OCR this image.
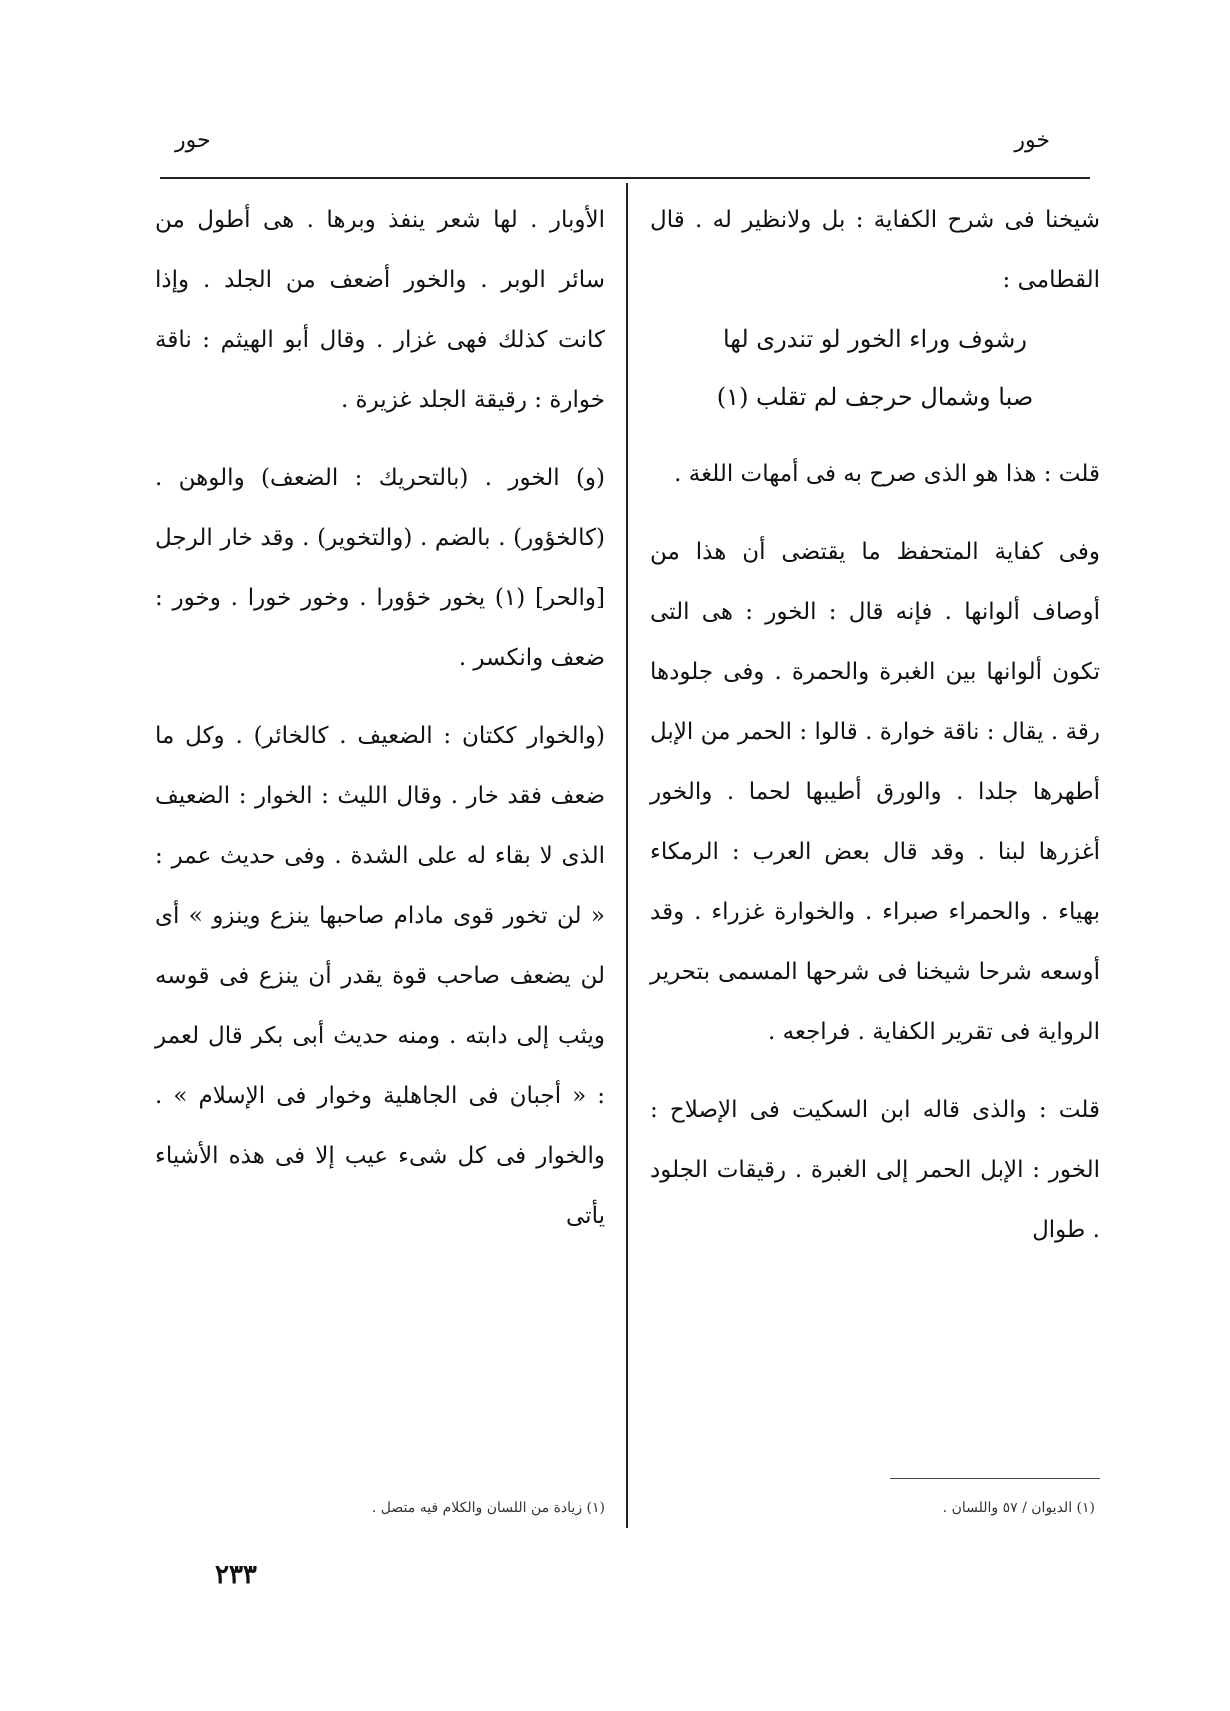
خور
حور

شيخنا فى شرح الكفاية : بل ولانظير له . قال القطامى :

رشوف وراء الخور لو تندرى لها

صبا وشمال حرجف لم تقلب (١)

قلت : هذا هو الذى صرح به فى أمهات اللغة .

وفى كفاية المتحفظ ما يقتضى أن هذا من أوصاف ألوانها . فإنه قال : الخور : هى التى تكون ألوانها بين الغبرة والحمرة . وفى جلودها رقة . يقال : ناقة خوارة . قالوا : الحمر من الإبل أطهرها جلدا . والورق أطيبها لحما . والخور أغزرها لبنا . وقد قال بعض العرب : الرمكاء بهياء . والحمراء صبراء . والخوارة غزراء . وقد أوسعه شرحا شيخنا فى شرحها المسمى بتحرير الرواية فى تقرير الكفاية . فراجعه .

قلت : والذى قاله ابن السكيت فى الإصلاح : الخور : الإبل الحمر إلى الغبرة . رقيقات الجلود . طوال

الأوبار . لها شعر ينفذ وبرها . هى أطول من سائر الوبر . والخور أضعف من الجلد . وإذا كانت كذلك فهى غزار . وقال أبو الهيثم : ناقة خوارة : رقيقة الجلد غزيرة .

(و) الخور . (بالتحريك : الضعف) والوهن . (كالخؤور) . بالضم . (والتخوير) . وقد خار الرجل [والحر] (١) يخور خؤورا . وخور خورا . وخور : ضعف وانكسر .

(والخوار ككتان : الضعيف . كالخائر) . وكل ما ضعف فقد خار . وقال الليث : الخوار : الضعيف الذى لا بقاء له على الشدة . وفى حديث عمر : « لن تخور قوى مادام صاحبها ينزع وينزو » أى لن يضعف صاحب قوة يقدر أن ينزع فى قوسه ويثب إلى دابته . ومنه حديث أبى بكر قال لعمر : « أجبان فى الجاهلية وخوار فى الإسلام » . والخوار فى كل شىء عيب إلا فى هذه الأشياء يأتى

(١) الديوان / ٥٧ واللسان .
(١) زيادة من اللسان والكلام فيه متصل .
٢٣٣
